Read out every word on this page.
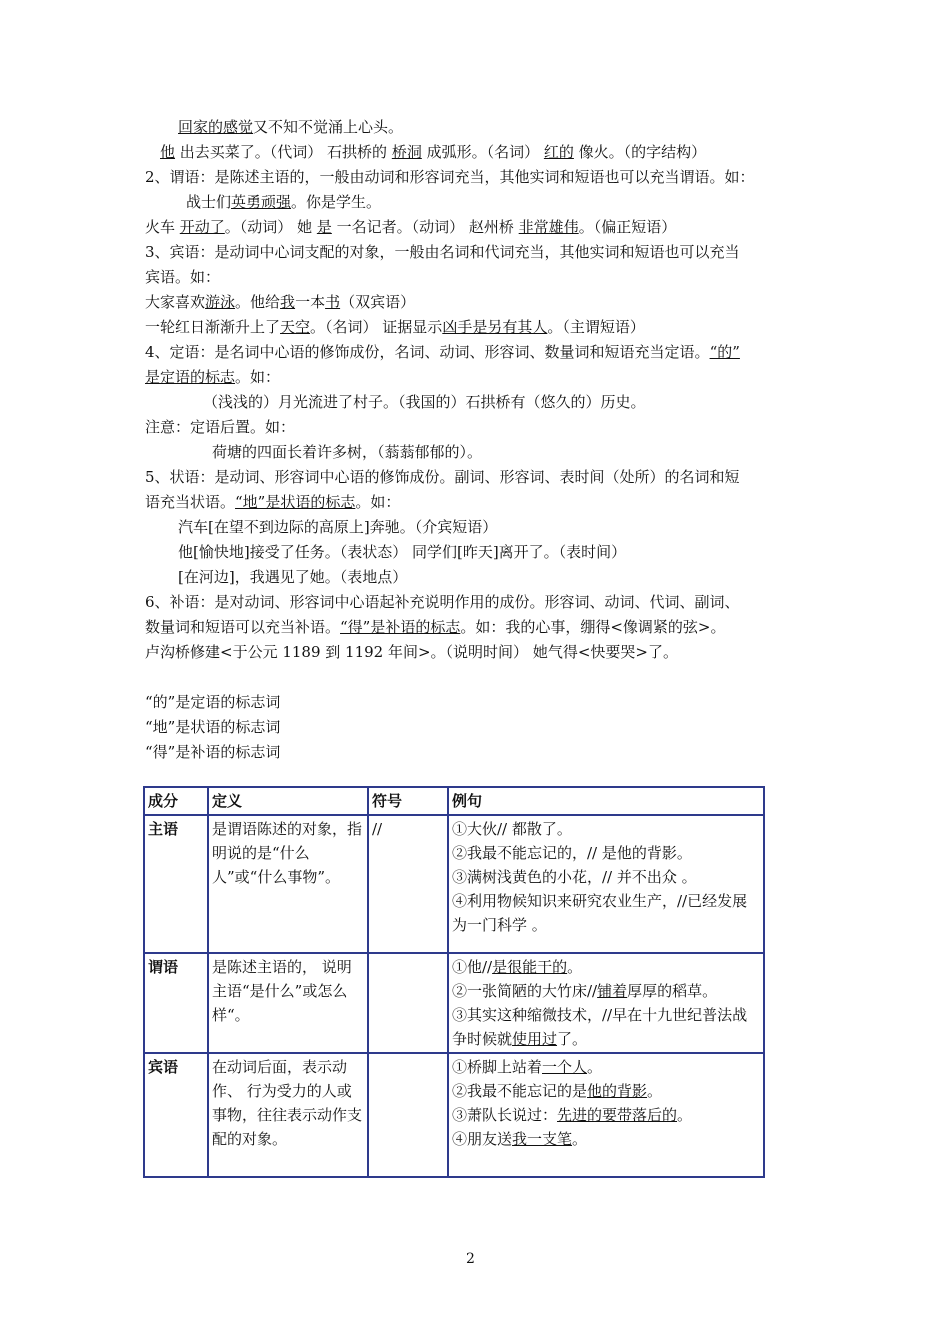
回家的感觉又不知不觉涌上心头。
他 出去买菜了。（代词） 石拱桥的 桥洞 成弧形。（名词） 红的 像火。（的字结构）
2、谓语：是陈述主语的，一般由动词和形容词充当，其他实词和短语也可以充当谓语。如：
战士们英勇顽强。你是学生。
火车 开动了。（动词） 她 是 一名记者。（动词） 赵州桥 非常雄伟。（偏正短语）
3、宾语：是动词中心词支配的对象，一般由名词和代词充当，其他实词和短语也可以充当
宾语。如：
大家喜欢游泳。他给我一本书（双宾语）
一轮红日渐渐升上了天空。（名词） 证据显示凶手是另有其人。（主谓短语）
4、定语：是名词中心语的修饰成份，名词、动词、形容词、数量词和短语充当定语。“的”
是定语的标志。如：
（浅浅的）月光流进了村子。（我国的）石拱桥有（悠久的）历史。
注意：定语后置。如：
荷塘的四面长着许多树，（蓊蓊郁郁的）。
5、状语：是动词、形容词中心语的修饰成份。副词、形容词、表时间（处所）的名词和短
语充当状语。“地”是状语的标志。如：
汽车[在望不到边际的高原上]奔驰。（介宾短语）
他[愉快地]接受了任务。（表状态） 同学们[昨天]离开了。（表时间）
[在河边]，我遇见了她。（表地点）
6、补语：是对动词、形容词中心语起补充说明作用的成份。形容词、动词、代词、副词、
数量词和短语可以充当补语。“得”是补语的标志。如：我的心事，绷得<像调紧的弦>。
卢沟桥修建<于公元 1189 到 1192 年间>。（说明时间） 她气得<快要哭>了。
“的”是定语的标志词
“地”是状语的标志词
“得”是补语的标志词
成分	定义	符号	例句
主语	是谓语陈述的对象，指明说的是“什么人”或“什么事物”。	//	①大伙// 都散了。
②我最不能忘记的，// 是他的背影。
③满树浅黄色的小花，// 并不出众 。
④利用物候知识来研究农业生产，//已经发展为一门科学 。

谓语	是陈述主语的， 说明主语“是什么”或怎么样“。		①他//是很能干的。
②一张简陋的大竹床//铺着厚厚的稻草。
③其实这种缩微技术，//早在十九世纪普法战争时候就使用过了。

宾语	在动词后面，表示动作、 行为受力的人或事物，往往表示动作支配的对象。		①桥脚上站着一个人。
②我最不能忘记的是他的背影。
③萧队长说过：先进的要带落后的。
④朋友送我一支笔。
2
